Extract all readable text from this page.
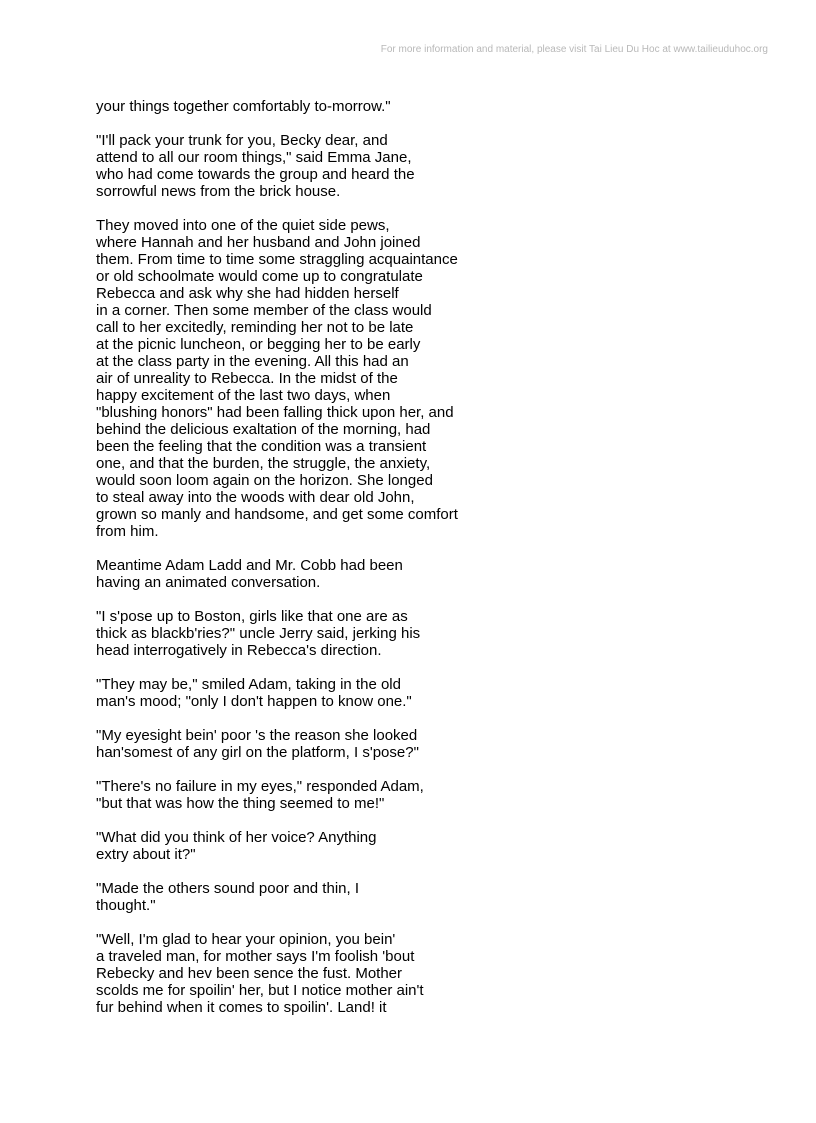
For more information and material, please visit Tai Lieu Du Hoc at www.tailieuduhoc.org
your things together comfortably to-morrow."
"I'll pack your trunk for you, Becky dear, and
attend to all our room things," said Emma Jane,
who had come towards the group and heard the
sorrowful news from the brick house.
They moved into one of the quiet side pews,
where Hannah and her husband and John joined
them. From time to time some straggling acquaintance
or old schoolmate would come up to congratulate
Rebecca and ask why she had hidden herself
in a corner. Then some member of the class would
call to her excitedly, reminding her not to be late
at the picnic luncheon, or begging her to be early
at the class party in the evening. All this had an
air of unreality to Rebecca. In the midst of the
happy excitement of the last two days, when
"blushing honors" had been falling thick upon her, and
behind the delicious exaltation of the morning, had
been the feeling that the condition was a transient
one, and that the burden, the struggle, the anxiety,
would soon loom again on the horizon. She longed
to steal away into the woods with dear old John,
grown so manly and handsome, and get some comfort
from him.
Meantime Adam Ladd and Mr. Cobb had been
having an animated conversation.
"I s'pose up to Boston, girls like that one are as
thick as blackb'ries?" uncle Jerry said, jerking his
head interrogatively in Rebecca's direction.
"They may be," smiled Adam, taking in the old
man's mood; "only I don't happen to know one."
"My eyesight bein' poor 's the reason she looked
han'somest of any girl on the platform, I s'pose?"
"There's no failure in my eyes," responded Adam,
"but that was how the thing seemed to me!"
"What did you think of her voice? Anything
extry about it?"
"Made the others sound poor and thin, I
thought."
"Well, I'm glad to hear your opinion, you bein'
a traveled man, for mother says I'm foolish 'bout
Rebecky and hev been sence the fust. Mother
scolds me for spoilin' her, but I notice mother ain't
fur behind when it comes to spoilin'. Land! it
